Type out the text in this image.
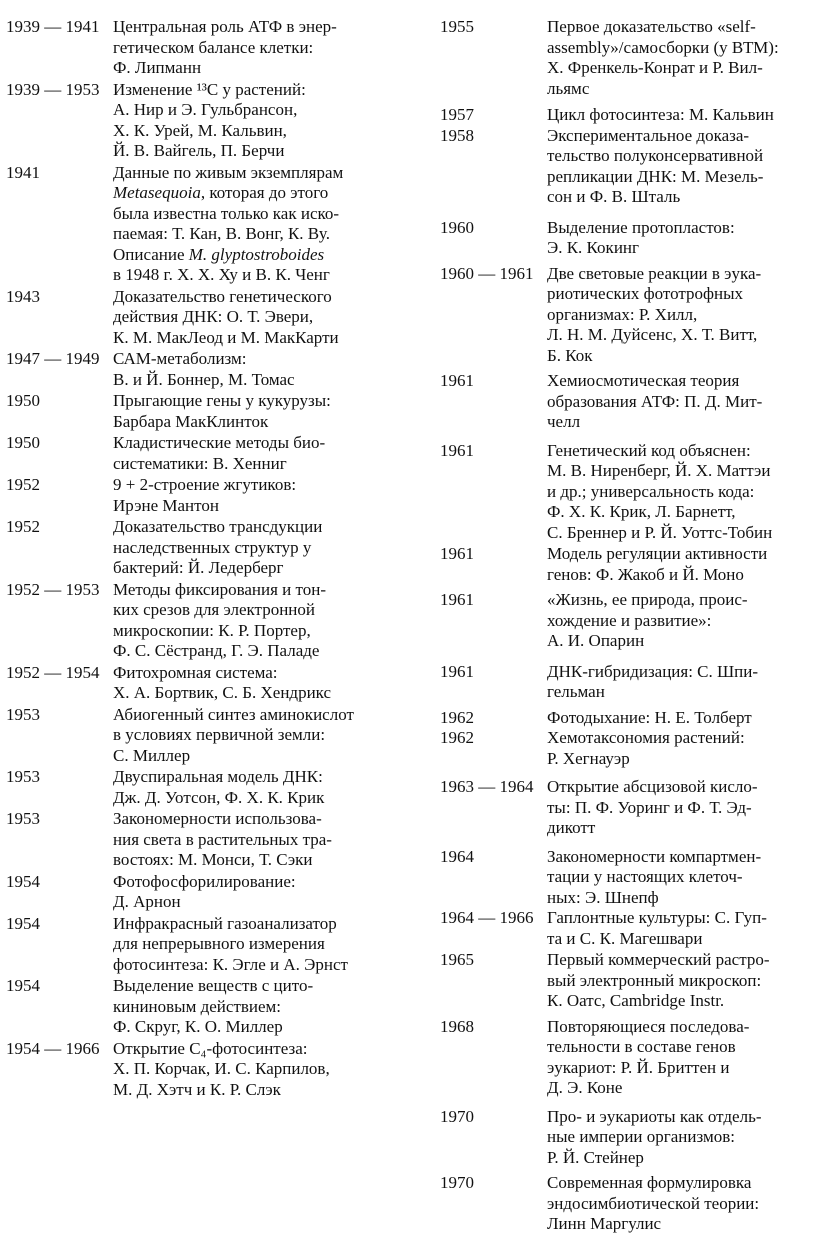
1939 — 1941 Центральная роль АТФ в энер-
гетическом балансе клетки:
Ф. Липманн
1939 — 1953 Изменение ¹³C у растений:
А. Нир и Э. Гульбрансон,
Х. К. Урей, М. Кальвин,
Й. В. Вайгель, П. Берчи
1941	Данные по живым экземплярам
Metasequoia, которая до этого
была известна только как иско-
паемая: Т. Кан, В. Вонг, К. Ву.
Описание M. glyptostroboides
в 1948 г. Х. Х. Ху и В. К. Ченг
1943	Доказательство генетического
действия ДНК: О. Т. Эвери,
К. М. МакЛеод и М. МакКарти
1947 — 1949 САМ-метаболизм:
В. и Й. Боннер, М. Томас
1950	Прыгающие гены у кукурузы:
Барбара МакКлинток
1950	Кладистические методы био-
систематики: В. Хенниг
1952	9 + 2-строение жгутиков:
Ирэне Мантон
1952	Доказательство трансдукции
наследственных структур у
бактерий: Й. Ледерберг
1952 — 1953 Методы фиксирования и тон-
ких срезов для электронной
микроскопии: К. Р. Портер,
Ф. С. Сёстранд, Г. Э. Паладе
1952 — 1954 Фитохромная система:
Х. А. Бортвик, С. Б. Хендрикс
1953	Абиогенный синтез аминокислот
в условиях первичной земли:
С. Миллер
1953	Двуспиральная модель ДНК:
Дж. Д. Уотсон, Ф. Х. К. Крик
1953	Закономерности использова-
ния света в растительных тра-
востоях: М. Монси, Т. Сэки
1954	Фотофосфорилирование:
Д. Арнон
1954	Инфракрасный газоанализатор
для непрерывного измерения
фотосинтеза: К. Эгле и А. Эрнст
1954	Выделение веществ с цито-
кининовым действием:
Ф. Скруг, К. О. Миллер
1954 — 1966 Открытие C₄-фотосинтеза:
Х. П. Корчак, И. С. Карпилов,
М. Д. Хэтч и К. Р. Слэк
1955	Первое доказательство «self-
assembly»/самосборки (у ВТМ):
Х. Френкель-Конрат и Р. Вил-
льямс
1957	Цикл фотосинтеза: М. Кальвин
1958	Экспериментальное доказа-
тельство полуконсервативной
репликации ДНК: М. Мезель-
сон и Ф. В. Шталь
1960	Выделение протопластов:
Э. К. Кокинг
1960 — 1961 Две световые реакции в эука-
риотических фототрофных
организмах: Р. Хилл,
Л. Н. М. Дуйсенс, Х. Т. Витт,
Б. Кок
1961	Хемиосмотическая теория
образования АТФ: П. Д. Мит-
челл
1961	Генетический код объяснен:
М. В. Ниренберг, Й. Х. Маттэи
и др.; универсальность кода:
Ф. Х. К. Крик, Л. Барнетт,
С. Бреннер и Р. Й. Уоттс-Тобин
1961	Модель регуляции активности
генов: Ф. Жакоб и Й. Моно
1961	«Жизнь, ее природа, проис-
хождение и развитие»:
А. И. Опарин
1961	ДНК-гибридизация: С. Шпи-
гельман
1962	Фотодыхание: Н. Е. Толберт
1962	Хемотаксономия растений:
Р. Хегнауэр
1963 — 1964 Открытие абсцизовой кисло-
ты: П. Ф. Уоринг и Ф. Т. Эд-
дикотт
1964	Закономерности компартмен-
тации у настоящих клеточ-
ных: Э. Шнепф
1964 — 1966 Гаплонтные культуры: С. Гуп-
та и С. К. Магешвари
1965	Первый коммерческий растро-
вый электронный микроскоп:
К. Оатс, Cambridge Instr.
1968	Повторяющиеся последова-
тельности в составе генов
эукариот: Р. Й. Бриттен и
Д. Э. Коне
1970	Про- и эукариоты как отдель-
ные империи организмов:
Р. Й. Стейнер
1970	Современная формулировка
эндосимбиотической теории:
Линн Маргулис
